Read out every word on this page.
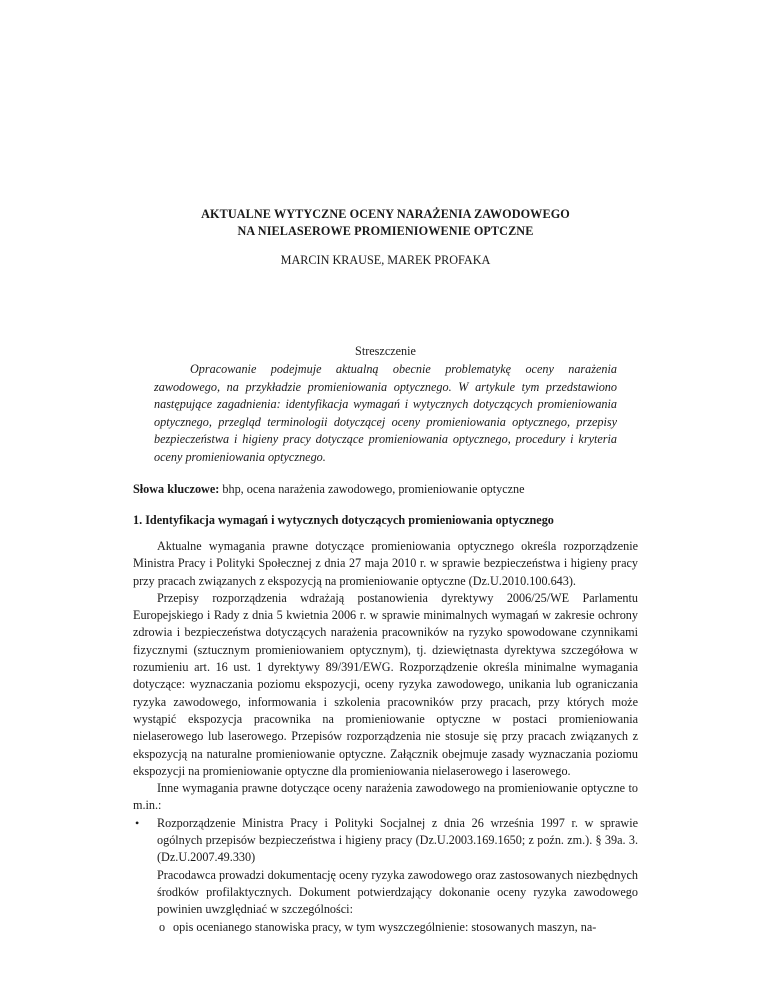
AKTUALNE WYTYCZNE OCENY NARAŻENIA ZAWODOWEGO
NA NIELASEROWE PROMIENIOWENIE OPTCZNE
MARCIN KRAUSE, MAREK PROFAKA
Streszczenie

Opracowanie podejmuje aktualną obecnie problematykę oceny narażenia zawodowego, na przykładzie promieniowania optycznego. W artykule tym przedstawiono następujące zagadnienia: identyfikacja wymagań i wytycznych dotyczących promieniowania optycznego, przegląd terminologii dotyczącej oceny promieniowania optycznego, przepisy bezpieczeństwa i higieny pracy dotyczące promieniowania optycznego, procedury i kryteria oceny promieniowania optycznego.

Słowa kluczowe: bhp, ocena narażenia zawodowego, promieniowanie optyczne
1. Identyfikacja wymagań i wytycznych dotyczących promieniowania optycznego

Aktualne wymagania prawne dotyczące promieniowania optycznego określa rozporządzenie Ministra Pracy i Polityki Społecznej z dnia 27 maja 2010 r. w sprawie bezpieczeństwa i higieny pracy przy pracach związanych z ekspozycją na promieniowanie optyczne (Dz.U.2010.100.643).

Przepisy rozporządzenia wdrażają postanowienia dyrektywy 2006/25/WE Parlamentu Europejskiego i Rady z dnia 5 kwietnia 2006 r. w sprawie minimalnych wymagań w zakresie ochrony zdrowia i bezpieczeństwa dotyczących narażenia pracowników na ryzyko spowodowane czynnikami fizycznymi (sztucznym promieniowaniem optycznym), tj. dziewiętnasta dyrektywa szczegółowa w rozumieniu art. 16 ust. 1 dyrektywy 89/391/EWG. Rozporządzenie określa minimalne wymagania dotyczące: wyznaczania poziomu ekspozycji, oceny ryzyka zawodowego, unikania lub ograniczania ryzyka zawodowego, informowania i szkolenia pracowników przy pracach, przy których może wystąpić ekspozycja pracownika na promieniowanie optyczne w postaci promieniowania nielaserowego lub laserowego. Przepisów rozporządzenia nie stosuje się przy pracach związanych z ekspozycją na naturalne promieniowanie optyczne. Załącznik obejmuje zasady wyznaczania poziomu ekspozycji na promieniowanie optyczne dla promieniowania nielaserowego i laserowego.

Inne wymagania prawne dotyczące oceny narażenia zawodowego na promieniowanie optyczne to m.in.:

• Rozporządzenie Ministra Pracy i Polityki Socjalnej z dnia 26 września 1997 r. w sprawie ogólnych przepisów bezpieczeństwa i higieny pracy (Dz.U.2003.169.1650; z poźn. zm.). § 39a. 3. (Dz.U.2007.49.330)
Pracodawca prowadzi dokumentację oceny ryzyka zawodowego oraz zastosowanych niezbędnych środków profilaktycznych. Dokument potwierdzający dokonanie oceny ryzyka zawodowego powinien uwzględniać w szczególności:
o opis ocenianego stanowiska pracy, w tym wyszczególnienie: stosowanych maszyn, na-
